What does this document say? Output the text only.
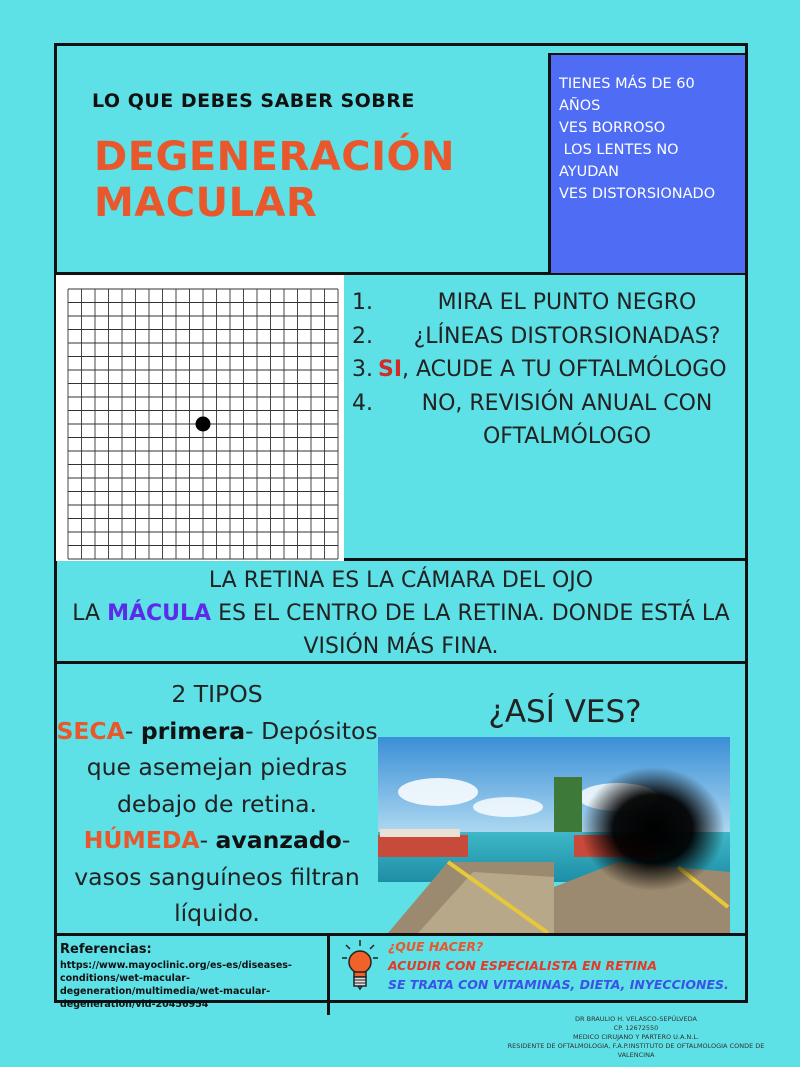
LO QUE DEBES SABER SOBRE
DEGENERACIÓN
MACULAR
TIENES MÁS DE 60
AÑOS
VES BORROSO
LOS LENTES NO
AYUDAN
VES DISTORSIONADO
1.	MIRA EL PUNTO NEGRO
2.	¿LÍNEAS DISTORSIONADAS?
3. SI, ACUDE A TU OFTALMÓLOGO
4.	NO, REVISIÓN ANUAL CON
OFTALMÓLOGO
LA RETINA ES LA CÁMARA DEL OJO
LA MÁCULA ES EL CENTRO DE LA RETINA. DONDE ESTÁ LA
VISIÓN MÁS FINA.
2 TIPOS
SECA- primera- Depósitos
que asemejan piedras
debajo de retina.
HÚMEDA- avanzado-
vasos sanguíneos filtran
líquido.
¿ASÍ VES?
Referencias:
https://www.mayoclinic.org/es-es/diseases-conditions/wet-macular-degeneration/multimedia/wet-macular-degeneration/vid-20456954
¿QUE HACER?
ACUDIR CON ESPECIALISTA EN RETINA
SE TRATA CON VITAMINAS, DIETA, INYECCIONES.
DR BRAULIO H. VELASCO-SEPÚLVEDA
CP. 12672550
MEDICO CIRUJANO Y PARTERO U.A.N.L.
RESIDENTE DE OFTALMOLOGIA, F.A.P.INSTITUTO DE OFTALMOLOGIA CONDE DE
VALENCINA
